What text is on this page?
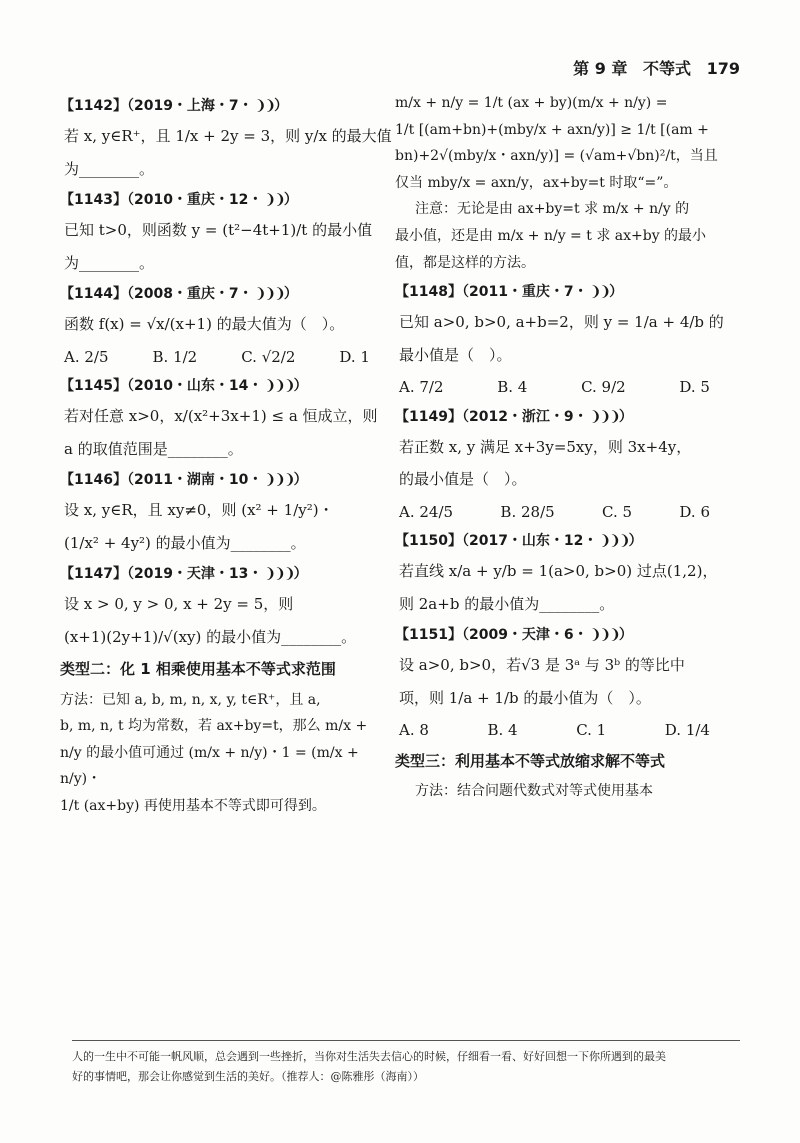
第 9 章 不等式 179
【1142】（2019・上海・7・ ❩❩）
若 x, y∈R⁺，且 1/x + 2y = 3，则 y/x 的最大值
为________。
【1143】（2010・重庆・12・ ❩❩）
已知 t>0，则函数 y = (t²−4t+1)/t 的最小值
为________。
【1144】（2008・重庆・7・ ❩❩❩）
函数 f(x) = √x/(x+1) 的最大值为（　）。
A. 2/5	B. 1/2	C. √2/2	D. 1
【1145】（2010・山东・14・ ❩❩❩）
若对任意 x>0，x/(x²+3x+1) ≤ a 恒成立，则
a 的取值范围是________。
【1146】（2011・湖南・10・ ❩❩❩）
设 x, y∈R，且 xy≠0，则 (x² + 1/y²)・
(1/x² + 4y²) 的最小值为________。
【1147】（2019・天津・13・ ❩❩❩）
设 x > 0, y > 0, x + 2y = 5，则
(x+1)(2y+1)/√(xy) 的最小值为________。
类型二：化 1 相乘使用基本不等式求范围
方法：已知 a, b, m, n, x, y, t∈R⁺，且 a,
b, m, n, t 均为常数，若 ax+by=t，那么 m/x +
n/y 的最小值可通过 (m/x + n/y)・1 = (m/x + n/y)・
1/t (ax+by) 再使用基本不等式即可得到。
m/x + n/y = 1/t (ax + by)(m/x + n/y) =
1/t [(am+bn)+(mby/x + axn/y)] ≥ 1/t [(am +
bn)+2√(mby/x・axn/y)] = (√am+√bn)²/t，当且
仅当 mby/x = axn/y，ax+by=t 时取“=”。
注意：无论是由 ax+by=t 求 m/x + n/y 的
最小值，还是由 m/x + n/y = t 求 ax+by 的最小
值，都是这样的方法。
【1148】（2011・重庆・7・ ❩❩）
已知 a>0, b>0, a+b=2，则 y = 1/a + 4/b 的
最小值是（　）。
A. 7/2	B. 4	C. 9/2	D. 5
【1149】（2012・浙江・9・ ❩❩❩）
若正数 x, y 满足 x+3y=5xy，则 3x+4y，
的最小值是（　）。
A. 24/5	B. 28/5	C. 5	D. 6
【1150】（2017・山东・12・ ❩❩❩）
若直线 x/a + y/b = 1(a>0, b>0) 过点(1,2)，
则 2a+b 的最小值为________。
【1151】（2009・天津・6・ ❩❩❩）
设 a>0, b>0，若√3 是 3ᵃ 与 3ᵇ 的等比中
项，则 1/a + 1/b 的最小值为（　）。
A. 8	B. 4	C. 1	D. 1/4
类型三：利用基本不等式放缩求解不等式
方法：结合问题代数式对等式使用基本
人的一生中不可能一帆风顺，总会遇到一些挫折，当你对生活失去信心的时候，仔细看一看、好好回想一下你所遇到的最美
好的事情吧，那会让你感觉到生活的美好。（推荐人：@陈雅彤（海南））
